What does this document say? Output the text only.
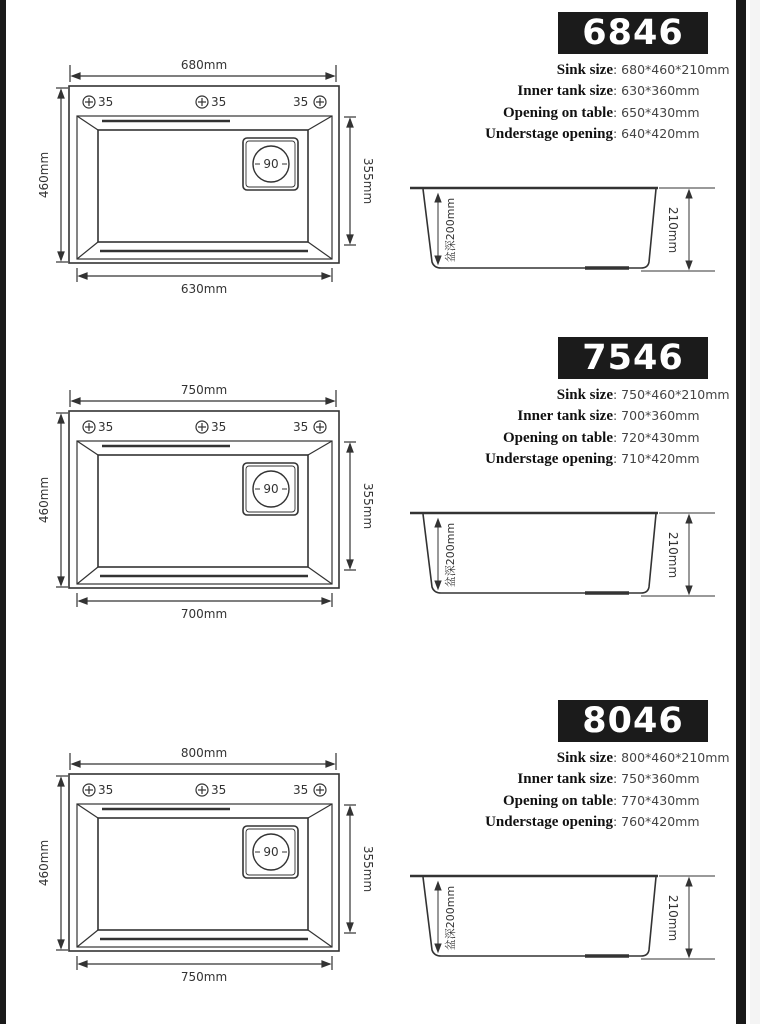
680mm
630mm
460mm	355mm
35	35	35
90
6846
Sink size : 680*460*210mm
Inner tank size : 630*360mm
Opening on table : 650*430mm
Understage opening : 640*420mm
盆深200mm	210mm
750mm
700mm
460mm	355mm
35	35	35
90
7546
Sink size : 750*460*210mm
Inner tank size : 700*360mm
Opening on table : 720*430mm
Understage opening : 710*420mm
盆深200mm	210mm
800mm
750mm
460mm	355mm
35	35	35
90
8046
Sink size : 800*460*210mm
Inner tank size : 750*360mm
Opening on table : 770*430mm
Understage opening : 760*420mm
盆深200mm	210mm
